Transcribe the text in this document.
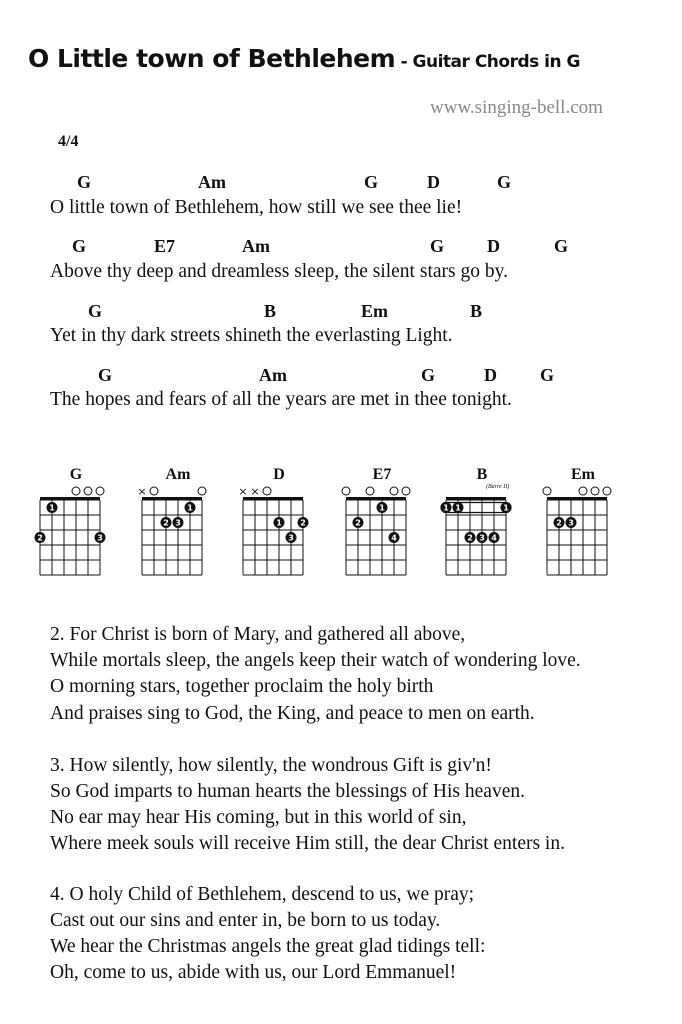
O Little town of Bethlehem - Guitar Chords in G
www.singing-bell.com
4/4
G	Am	G	D	G
O little town of Bethlehem, how still we see thee lie!
G	E7	Am	G D	G
Above thy deep and dreamless sleep, the silent stars go by.
G	B	Em	B
Yet in thy dark streets shineth the everlasting Light.
G	Am	G	D G
The hopes and fears of all the years are met in thee tonight.
G
1
2	3
Am
×
1
2 3
D
× ×
1 2
3
E7
1
2
4
B
(Barre II)
1 1	1
2 3 4
Em
2 3
2. For Christ is born of Mary, and gathered all above,
While mortals sleep, the angels keep their watch of wondering love.
O morning stars, together proclaim the holy birth
And praises sing to God, the King, and peace to men on earth.
3. How silently, how silently, the wondrous Gift is giv'n!
So God imparts to human hearts the blessings of His heaven.
No ear may hear His coming, but in this world of sin,
Where meek souls will receive Him still, the dear Christ enters in.
4. O holy Child of Bethlehem, descend to us, we pray;
Cast out our sins and enter in, be born to us today.
We hear the Christmas angels the great glad tidings tell:
Oh, come to us, abide with us, our Lord Emmanuel!
